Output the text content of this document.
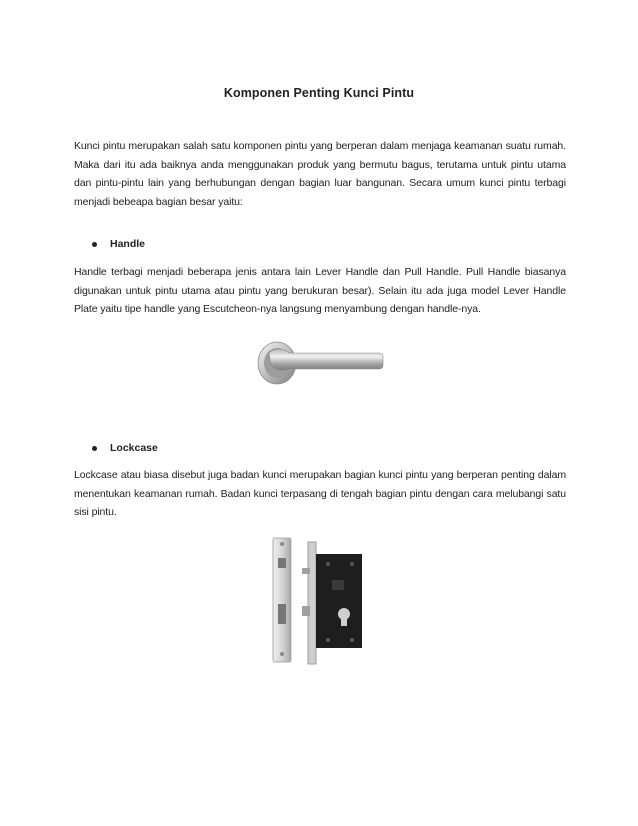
Komponen Penting Kunci Pintu

Kunci pintu merupakan salah satu komponen pintu yang berperan dalam menjaga keamanan suatu rumah. Maka dari itu ada baiknya anda menggunakan produk yang bermutu bagus, terutama untuk pintu utama dan pintu-pintu lain yang berhubungan dengan bagian luar bangunan. Secara umum kunci pintu terbagi menjadi bebeapa bagian besar yaitu:

Handle

Handle terbagi menjadi beberapa jenis antara lain Lever Handle dan Pull Handle. Pull Handle biasanya digunakan untuk pintu utama atau pintu yang berukuran besar). Selain itu ada juga model Lever Handle Plate yaitu tipe handle yang Escutcheon-nya langsung menyambung dengan handle-nya.

Lockcase

Lockcase atau biasa disebut juga badan kunci merupakan bagian kunci pintu yang berperan penting dalam menentukan keamanan rumah. Badan kunci terpasang di tengah bagian pintu dengan cara melubangi satu sisi pintu.
